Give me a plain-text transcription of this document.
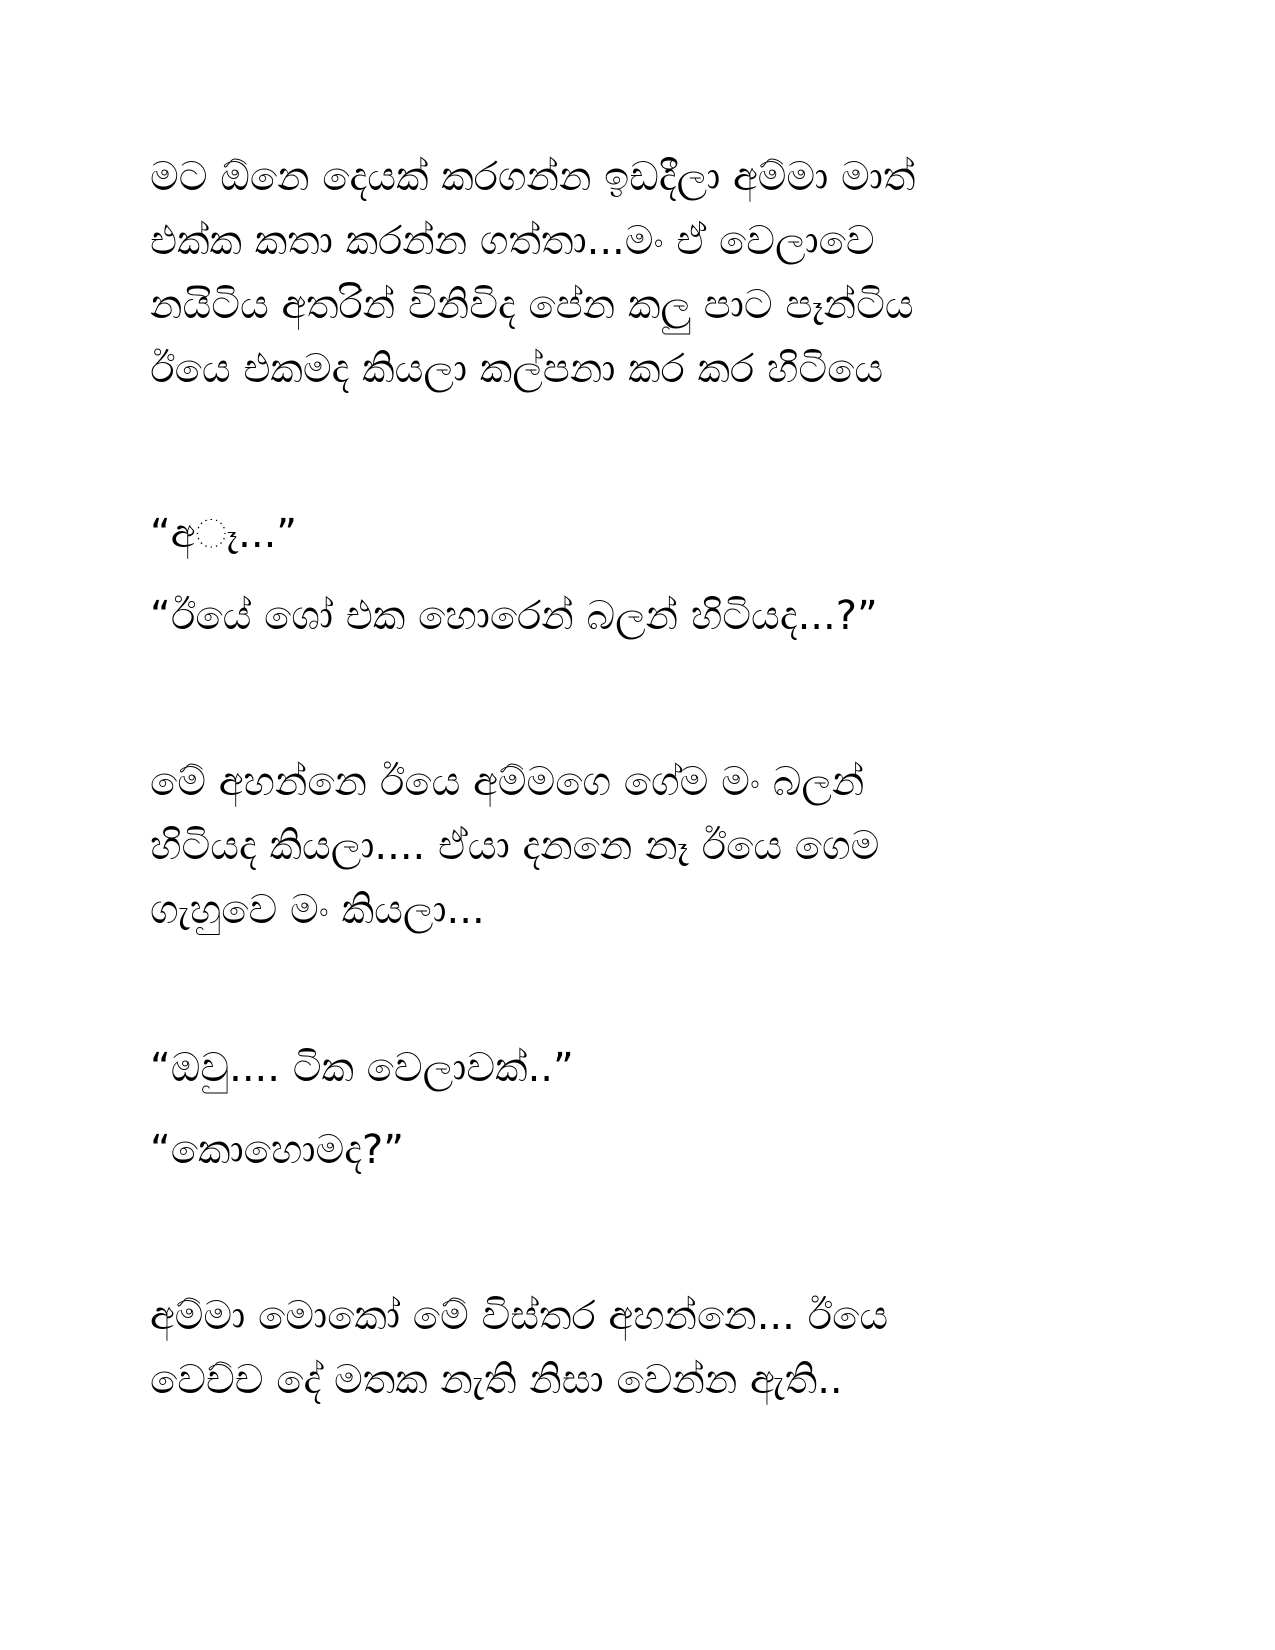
මට ඕනෙ දෙයක් කරගන්න ඉඩදීලා අම්මා මාත්
එක්ක කතා කරන්න ගත්තා...මං ඒ වෙලාවෙ
නයිටිය අතරින් විනිවිද පේන කලු පාට පෑන්ටිය
ඊයෙ එකමද කියලා කල්පනා කර කර හිටියෙ
“අෑ...”
“ඊයේ ශෝ එක හොරෙන් බලන් හිටියද...?”
මේ අහන්නෙ ඊයෙ අම්මගෙ ගේම මං බලන්
හිටියද කියලා.... ඒයා දනනෙ නෑ ඊයෙ ගෙම
ගැහුවෙ මං කියලා...
“ඔවු.... ටික වෙලාවක්..”
“කොහොමද?”
අම්මා මොකෝ මේ විස්තර අහන්නෙ... ඊයෙ
වෙච්ච දේ මතක නැති නිසා වෙන්න ඇති..
